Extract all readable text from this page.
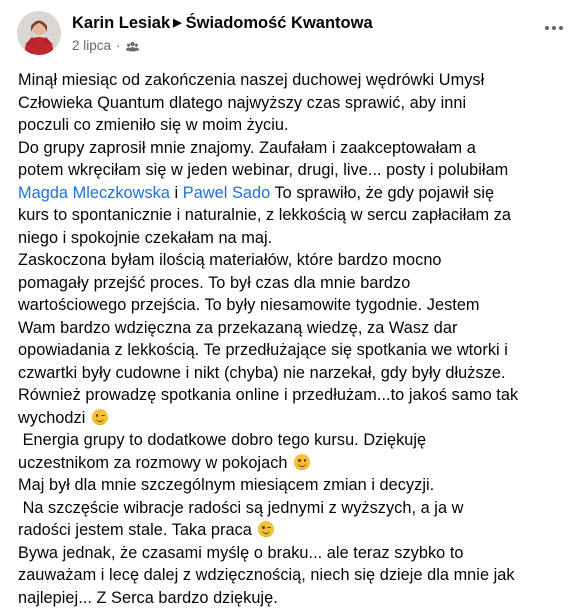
Karin Lesiak ▶ Świadomość Kwantowa
2 lipca ·
Minął miesiąc od zakończenia naszej duchowej wędrówki Umysł
Człowieka Quantum dlatego najwyższy czas sprawić, aby inni
poczuli co zmieniło się w moim życiu.
Do grupy zaprosił mnie znajomy. Zaufałam i zaakceptowałam a
potem wkręciłam się w jeden webinar, drugi, live... posty i polubiłam
Magda Mleczkowska i Pawel Sado To sprawiło, że gdy pojawił się
kurs to spontanicznie i naturalnie, z lekkością w sercu zapłaciłam za
niego i spokojnie czekałam na maj.
Zaskoczona byłam ilością materiałów, które bardzo mocno
pomagały przejść proces. To był czas dla mnie bardzo
wartościowego przejścia. To były niesamowite tygodnie. Jestem
Wam bardzo wdzięczna za przekazaną wiedzę, za Wasz dar
opowiadania z lekkością. Te przedłużające się spotkania we wtorki i
czwartki były cudowne i nikt (chyba) nie narzekał, gdy były dłuższe.
Również prowadzę spotkania online i przedłużam...to jakoś samo tak
wychodzi
Energia grupy to dodatkowe dobro tego kursu. Dziękuję
uczestnikom za rozmowy w pokojach
Maj był dla mnie szczególnym miesiącem zmian i decyzji.
Na szczęście wibracje radości są jednymi z wyższych, a ja w
radości jestem stale. Taka praca
Bywa jednak, że czasami myślę o braku... ale teraz szybko to
zauważam i lecę dalej z wdzięcznością, niech się dzieje dla mnie jak
najlepiej... Z Serca bardzo dziękuję.
